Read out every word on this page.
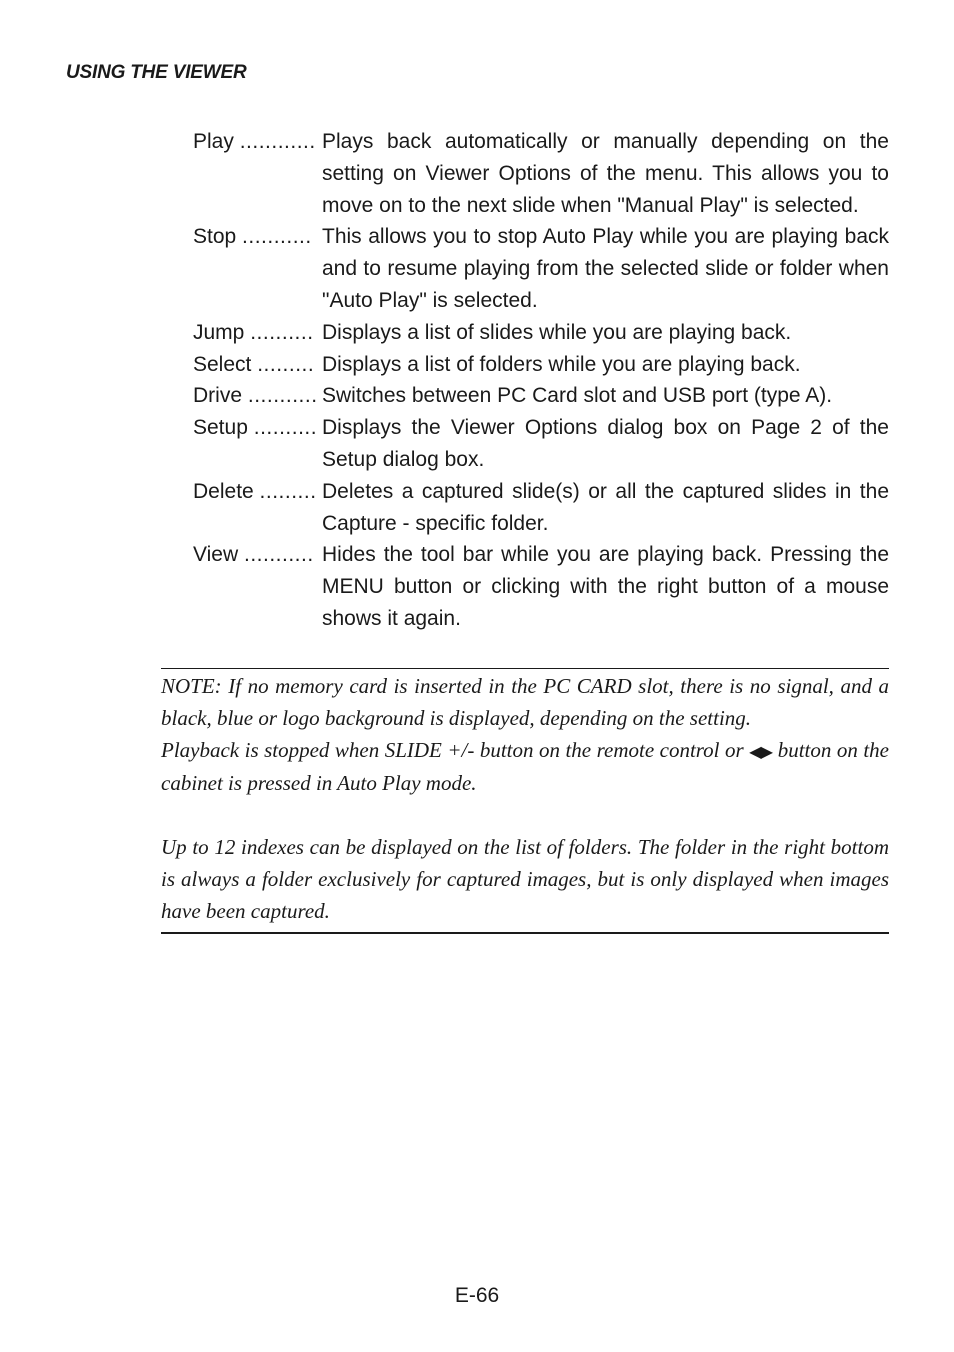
USING THE VIEWER
Play ............ Plays back automatically or manually depending on the setting on Viewer Options of the menu. This allows you to move on to the next slide when "Manual Play" is selected.
Stop ........... This allows you to stop Auto Play while you are playing back and to resume playing from the selected slide or folder when "Auto Play" is selected.
Jump .......... Displays a list of slides while you are playing back.
Select ......... Displays a list of folders while you are playing back.
Drive ........... Switches between PC Card slot and USB port (type A).
Setup .......... Displays the Viewer Options dialog box on Page 2 of the Setup dialog box.
Delete ......... Deletes a captured slide(s) or all the captured slides in the Capture - specific folder.
View ........... Hides the tool bar while you are playing back. Pressing the MENU button or clicking with the right button of a mouse shows it again.

NOTE: If no memory card is inserted in the PC CARD slot, there is no signal, and a black, blue or logo background is displayed, depending on the setting.

Playback is stopped when SLIDE +/- button on the remote control or ◀▶ button on the cabinet is pressed in Auto Play mode.

Up to 12 indexes can be displayed on the list of folders. The folder in the right bottom is always a folder exclusively for captured images, but is only displayed when images have been captured.

E-66
